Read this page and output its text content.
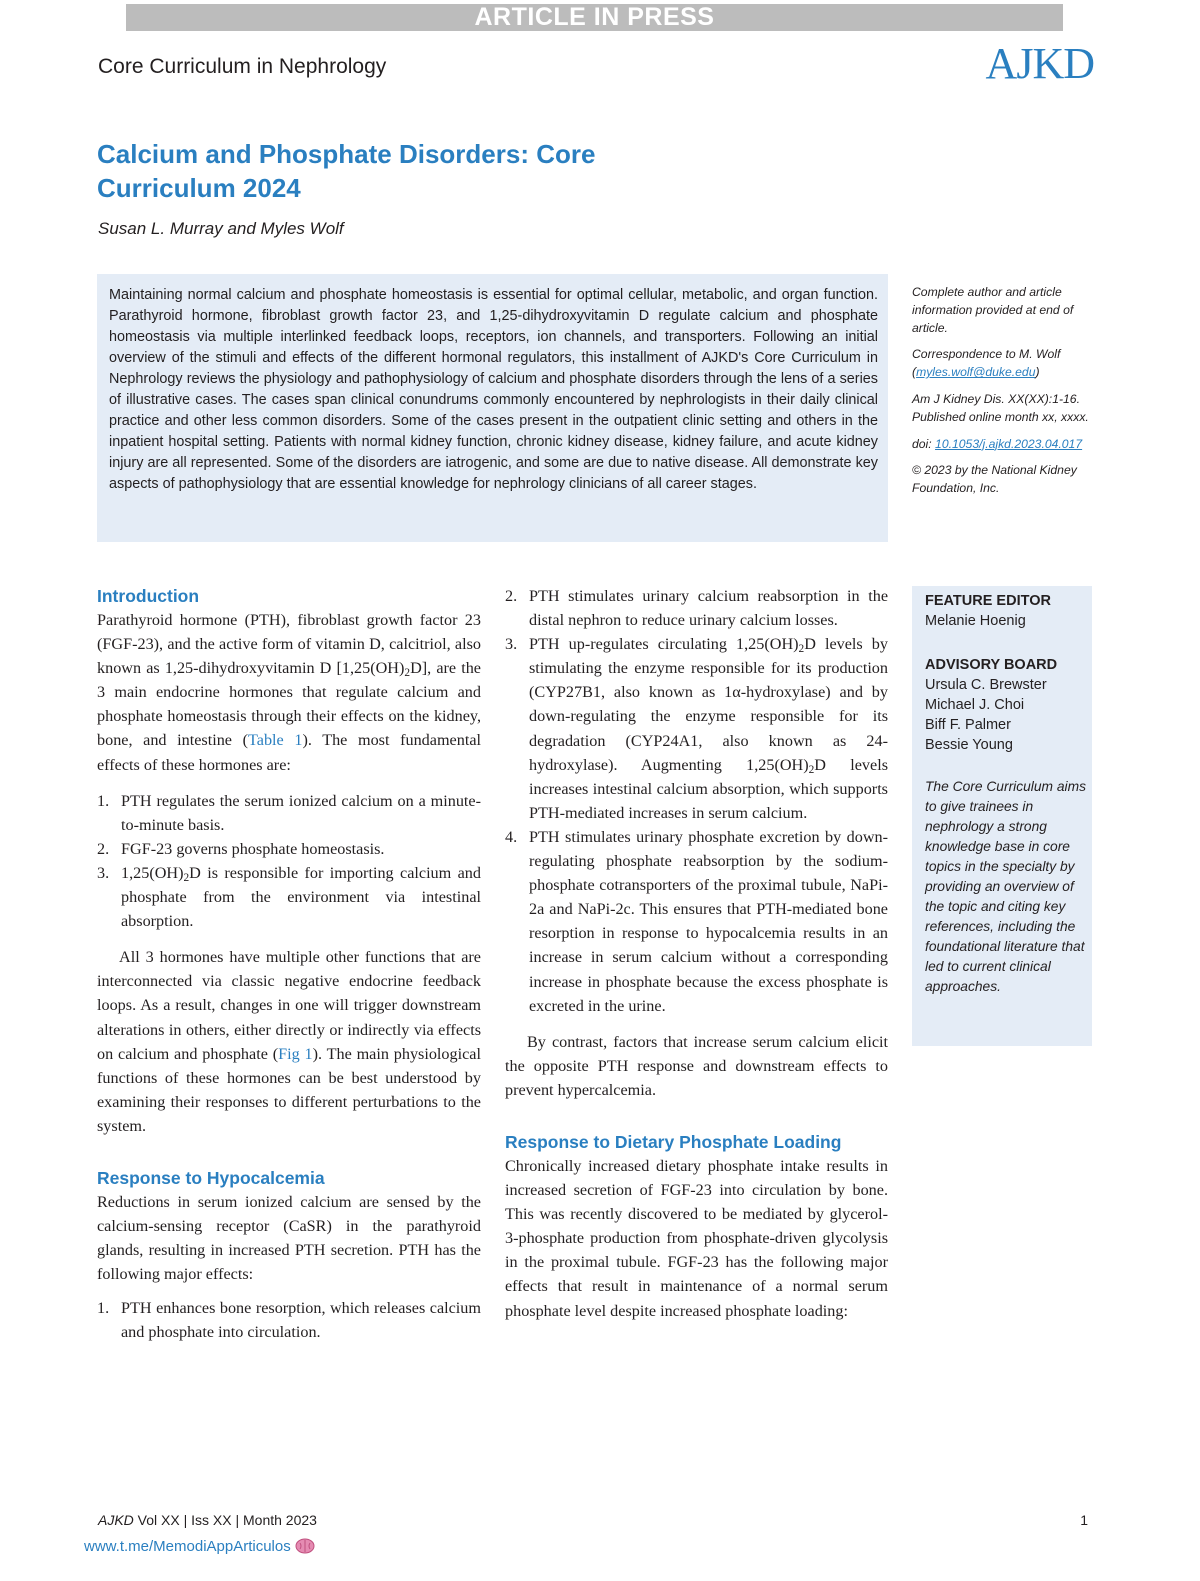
ARTICLE IN PRESS
Core Curriculum in Nephrology	AJKD
Calcium and Phosphate Disorders: Core Curriculum 2024
Susan L. Murray and Myles Wolf

Maintaining normal calcium and phosphate homeostasis is essential for optimal cellular, metabolic, and organ function. Parathyroid hormone, fibroblast growth factor 23, and 1,25-dihydroxyvitamin D regulate calcium and phosphate homeostasis via multiple interlinked feedback loops, receptors, ion channels, and transporters. Following an initial overview of the stimuli and effects of the different hormonal regulators, this installment of AJKD's Core Curriculum in Nephrology reviews the physiology and pathophysiology of calcium and phosphate disorders through the lens of a series of illustrative cases. The cases span clinical conundrums commonly encountered by nephrologists in their daily clinical practice and other less common disorders. Some of the cases present in the outpatient clinic setting and others in the inpatient hospital setting. Patients with normal kidney function, chronic kidney disease, kidney failure, and acute kidney injury are all represented. Some of the disorders are iatrogenic, and some are due to native disease. All demonstrate key aspects of pathophysiology that are essential knowledge for nephrology clinicians of all career stages.

Complete author and article information provided at end of article.

Correspondence to M. Wolf (myles.wolf@duke.edu)

Am J Kidney Dis. XX(XX):1-16. Published online month xx, xxxx.

doi: 10.1053/j.ajkd.2023.04.017

© 2023 by the National Kidney Foundation, Inc.

Introduction

Parathyroid hormone (PTH), fibroblast growth factor 23 (FGF-23), and the active form of vitamin D, calcitriol, also known as 1,25-dihydroxyvitamin D $[1,25(OH)_2D]$, are the 3 main endocrine hormones that regulate calcium and phosphate homeostasis through their effects on the kidney, bone, and intestine (Table 1). The most fundamental effects of these hormones are:

1. PTH regulates the serum ionized calcium on a minute-to-minute basis.
2. FGF-23 governs phosphate homeostasis.
3. $1,25(OH)_2D$ is responsible for importing calcium and phosphate from the environment via intestinal absorption.

All 3 hormones have multiple other functions that are interconnected via classic negative endocrine feedback loops. As a result, changes in one will trigger downstream alterations in others, either directly or indirectly via effects on calcium and phosphate (Fig 1). The main physiological functions of these hormones can be best understood by examining their responses to different perturbations to the system.

Response to Hypocalcemia

Reductions in serum ionized calcium are sensed by the calcium-sensing receptor (CaSR) in the parathyroid glands, resulting in increased PTH secretion. PTH has the following major effects:

1. PTH enhances bone resorption, which releases calcium and phosphate into circulation.
2. PTH stimulates urinary calcium reabsorption in the distal nephron to reduce urinary calcium losses.
3. PTH up-regulates circulating $1,25(OH)_2D$ levels by stimulating the enzyme responsible for its production (CYP27B1, also known as 1α-hydroxylase) and by down-regulating the enzyme responsible for its degradation (CYP24A1, also known as 24-hydroxylase). Augmenting $1,25(OH)_2D$ levels increases intestinal calcium absorption, which supports PTH-mediated increases in serum calcium.
4. PTH stimulates urinary phosphate excretion by down-regulating phosphate reabsorption by the sodium-phosphate cotransporters of the proximal tubule, NaPi-2a and NaPi-2c. This ensures that PTH-mediated bone resorption in response to hypocalcemia results in an increase in serum calcium without a corresponding increase in phosphate because the excess phosphate is excreted in the urine.

By contrast, factors that increase serum calcium elicit the opposite PTH response and downstream effects to prevent hypercalcemia.

Response to Dietary Phosphate Loading

Chronically increased dietary phosphate intake results in increased secretion of FGF-23 into circulation by bone. This was recently discovered to be mediated by glycerol-3-phosphate production from phosphate-driven glycolysis in the proximal tubule. FGF-23 has the following major effects that result in maintenance of a normal serum phosphate level despite increased phosphate loading:

FEATURE EDITOR

Melanie Hoenig

ADVISORY BOARD

Ursula C. Brewster

Michael J. Choi

Biff F. Palmer

Bessie Young

The Core Curriculum aims to give trainees in nephrology a strong knowledge base in core topics in the specialty by providing an overview of the topic and citing key references, including the foundational literature that led to current clinical approaches.

AJKD Vol XX | Iss XX | Month 2023	1
www.t.me/MemodiAppArticulos
